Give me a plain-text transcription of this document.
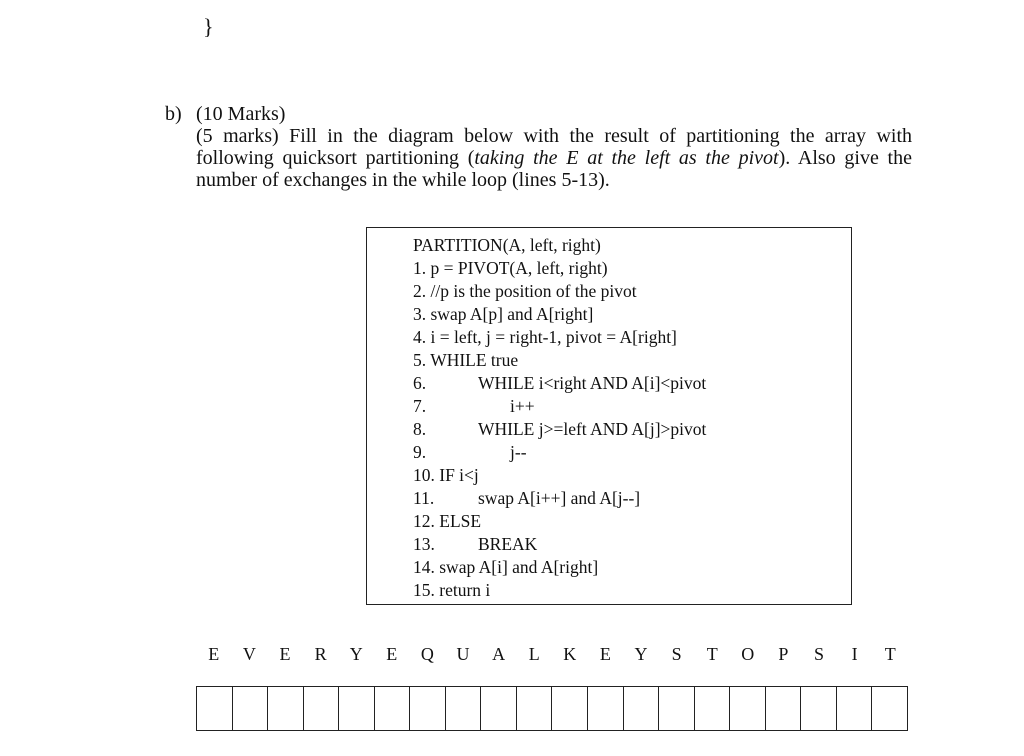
}
b) (10 Marks)

(5 marks) Fill in the diagram below with the result of partitioning the array with following quicksort partitioning (taking the E at the left as the pivot). Also give the number of exchanges in the while loop (lines 5-13).

PARTITION(A, left, right)
1. p = PIVOT(A, left, right)
2. //p is the position of the pivot
3. swap A[p] and A[right]
4. i = left, j = right-1, pivot = A[right]
5. WHILE true
6.	WHILE i<right AND A[i]<pivot
7.	i++
8.	WHILE j>=left AND A[j]>pivot
9.	j--
10. IF i<j
11.	swap A[i++] and A[j--]
12. ELSE
13. BREAK
14. swap A[i] and A[right]
15. return i
E	V	E	R	Y	E	Q	U	A	L	K	E	Y	S	T	O	P	S	I	T
